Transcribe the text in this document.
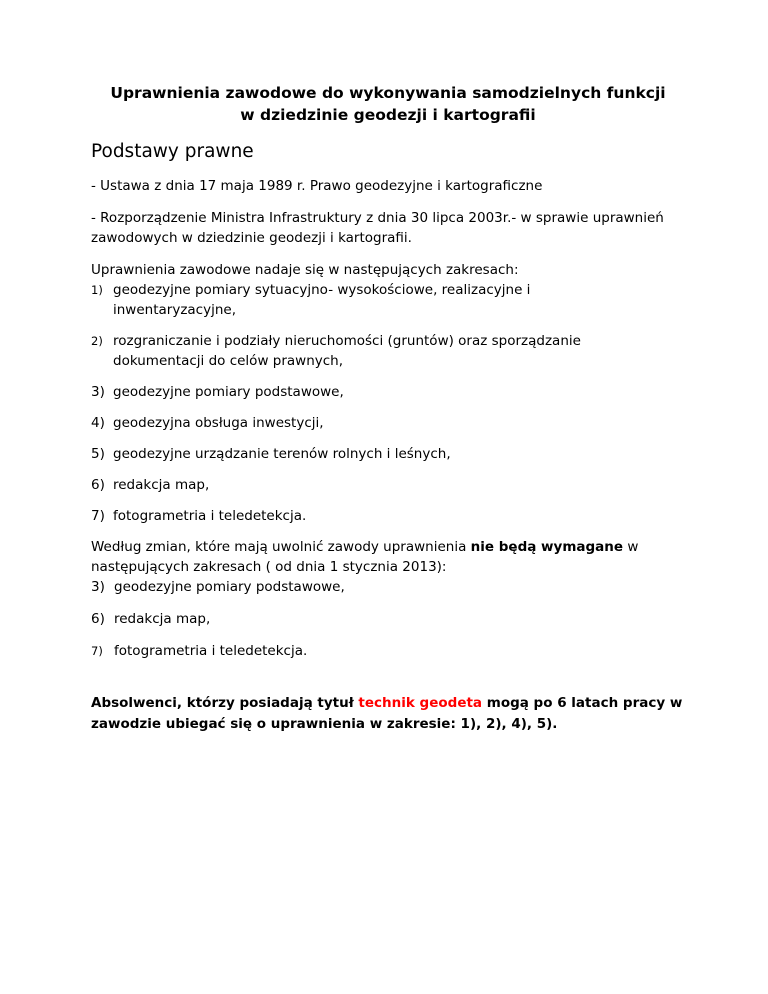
Uprawnienia zawodowe do wykonywania samodzielnych funkcji
w dziedzinie geodezji i kartografii
Podstawy prawne

- Ustawa z dnia 17 maja 1989 r. Prawo geodezyjne i kartograficzne

- Rozporządzenie Ministra Infrastruktury z dnia 30 lipca 2003r.- w sprawie uprawnień zawodowych w dziedzinie geodezji i kartografii.

Uprawnienia zawodowe nadaje się w następujących zakresach:

1) geodezyjne pomiary sytuacyjno- wysokościowe, realizacyjne i inwentaryzacyjne,
2) rozgraniczanie i podziały nieruchomości (gruntów) oraz sporządzanie dokumentacji do celów prawnych,
3) geodezyjne pomiary podstawowe,
4) geodezyjna obsługa inwestycji,
5) geodezyjne urządzanie terenów rolnych i leśnych,
6) redakcja map,
7) fotogrametria i teledetekcja.

Według zmian, które mają uwolnić zawody uprawnienia nie będą wymagane w następujących zakresach ( od dnia 1 stycznia 2013):

3) geodezyjne pomiary podstawowe,
6) redakcja map,
7) fotogrametria i teledetekcja.

Absolwenci, którzy posiadają tytuł technik geodeta mogą po 6 latach pracy w zawodzie ubiegać się o uprawnienia w zakresie: 1), 2), 4), 5).
